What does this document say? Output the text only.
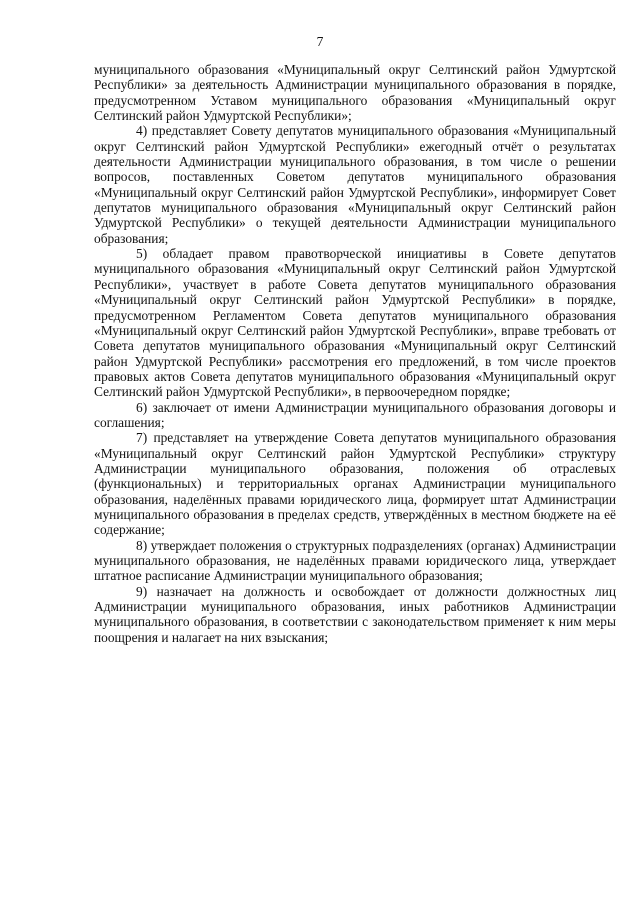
7

муниципального образования «Муниципальный округ Селтинский район Удмуртской Республики» за деятельность Администрации муниципального образования в порядке, предусмотренном Уставом муниципального образования «Муниципальный округ Селтинский район Удмуртской Республики»;

4) представляет Совету депутатов муниципального образования «Муниципальный округ Селтинский район Удмуртской Республики» ежегодный отчёт о результатах деятельности Администрации муниципального образования, в том числе о решении вопросов, поставленных Советом депутатов муниципального образования «Муниципальный округ Селтинский район Удмуртской Республики», информирует Совет депутатов муниципального образования «Муниципальный округ Селтинский район Удмуртской Республики» о текущей деятельности Администрации муниципального образования;

5) обладает правом правотворческой инициативы в Совете депутатов муниципального образования «Муниципальный округ Селтинский район Удмуртской Республики», участвует в работе Совета депутатов муниципального образования «Муниципальный округ Селтинский район Удмуртской Республики» в порядке, предусмотренном Регламентом Совета депутатов муниципального образования «Муниципальный округ Селтинский район Удмуртской Республики», вправе требовать от Совета депутатов муниципального образования «Муниципальный округ Селтинский район Удмуртской Республики» рассмотрения его предложений, в том числе проектов правовых актов Совета депутатов муниципального образования «Муниципальный округ Селтинский район Удмуртской Республики», в первоочередном порядке;

6) заключает от имени Администрации муниципального образования договоры и соглашения;

7) представляет на утверждение Совета депутатов муниципального образования «Муниципальный округ Селтинский район Удмуртской Республики» структуру Администрации муниципального образования, положения об отраслевых (функциональных) и территориальных органах Администрации муниципального образования, наделённых правами юридического лица, формирует штат Администрации муниципального образования в пределах средств, утверждённых в местном бюджете на её содержание;

8) утверждает положения о структурных подразделениях (органах) Администрации муниципального образования, не наделённых правами юридического лица, утверждает штатное расписание Администрации муниципального образования;

9) назначает на должность и освобождает от должности должностных лиц Администрации муниципального образования, иных работников Администрации муниципального образования, в соответствии с законодательством применяет к ним меры поощрения и налагает на них взыскания;
